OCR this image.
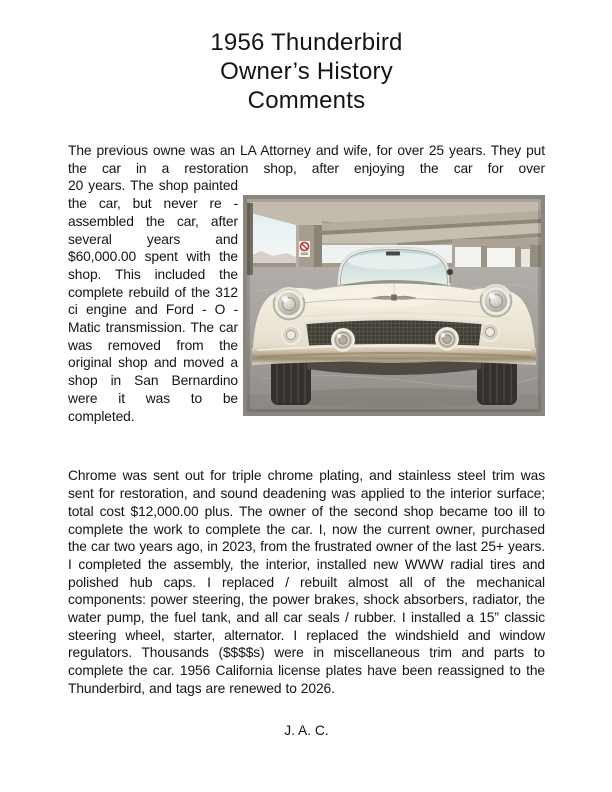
1956 Thunderbird
Owner’s History
Comments

The previous owne was an LA Attorney and wife, for over 25 years. They put the car in a restoration shop, after enjoying the car for over

20 years. The shop painted the car, but never re - assembled the car, after several years and $60,000.00 spent with the shop. This included the complete rebuild of the 312 ci engine and Ford - O - Matic transmission. The car was removed from the original shop and moved a shop in San Bernardino were it was to be completed.

Chrome was sent out for triple chrome plating, and stainless steel trim was sent for restoration, and sound deadening was applied to the interior surface; total cost $12,000.00 plus. The owner of the second shop became too ill to complete the work to complete the car. I, now the current owner, purchased the car two years ago, in 2023, from the frustrated owner of the last 25+ years. I completed the assembly, the interior, installed new WWW radial tires and polished hub caps. I replaced / rebuilt almost all of the mechanical components: power steering, the power brakes, shock absorbers, radiator, the water pump, the fuel tank, and all car seals / rubber. I installed a 15” classic steering wheel, starter, alternator. I replaced the windshield and window regulators. Thousands ($$$$s) were in miscellaneous trim and parts to complete the car. 1956 California license plates have been reassigned to the Thunderbird, and tags are renewed to 2026.

J. A. C.
